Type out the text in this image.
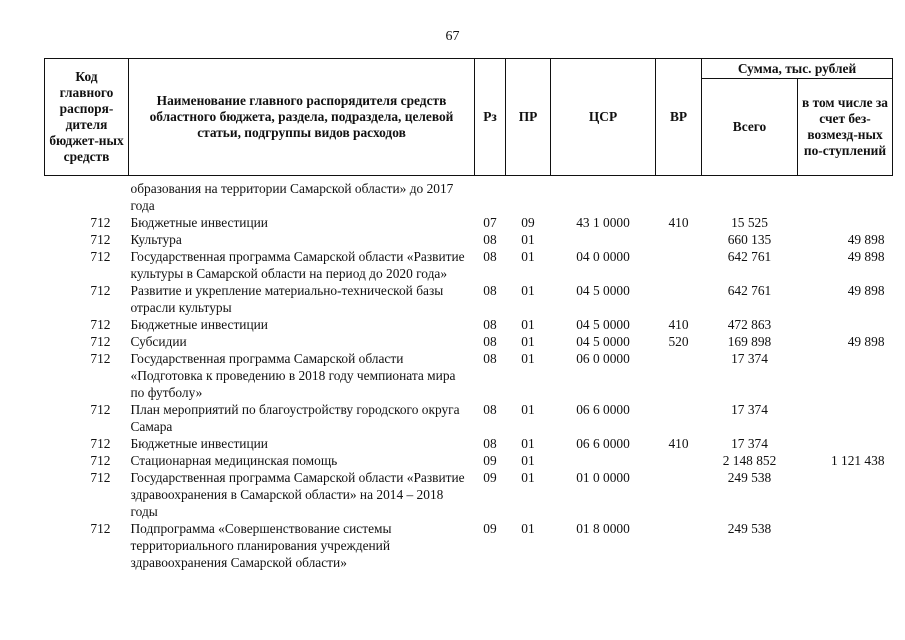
67
Код главного распоря-дителя бюджет-ных средств	Наименование главного распорядителя средств областного бюджета, раздела, подраздела, целевой статьи, подгруппы видов расходов	Рз	ПР	ЦСР	ВР	Сумма, тыс. рублей	
						Всего	в том числе за счет без-возмезд-ных по-ступлений
	образования на территории Самарской области» до 2017 года						
712	Бюджетные инвестиции	07	09	43 1 0000	410	15 525	
712	Культура	08	01			660 135	49 898
712	Государственная программа Самарской области «Развитие культуры в Самарской области на период до 2020 года»	08	01	04 0 0000		642 761	49 898
712	Развитие и укрепление материально-технической базы отрасли культуры	08	01	04 5 0000		642 761	49 898
712	Бюджетные инвестиции	08	01	04 5 0000	410	472 863	
712	Субсидии	08	01	04 5 0000	520	169 898	49 898
712	Государственная программа Самарской области «Подготовка к проведению в 2018 году чемпионата мира по футболу»	08	01	06 0 0000		17 374	
712	План мероприятий по благоустройству городского округа Самара	08	01	06 6 0000		17 374	
712	Бюджетные инвестиции	08	01	06 6 0000	410	17 374	
712	Стационарная медицинская помощь	09	01			2 148 852	1 121 438
712	Государственная программа Самарской области «Развитие здравоохранения в Самарской области» на 2014 – 2018 годы	09	01	01 0 0000		249 538	
712	Подпрограмма «Совершенствование системы территориального планирования учреждений здравоохранения Самарской области»	09	01	01 8 0000		249 538	
